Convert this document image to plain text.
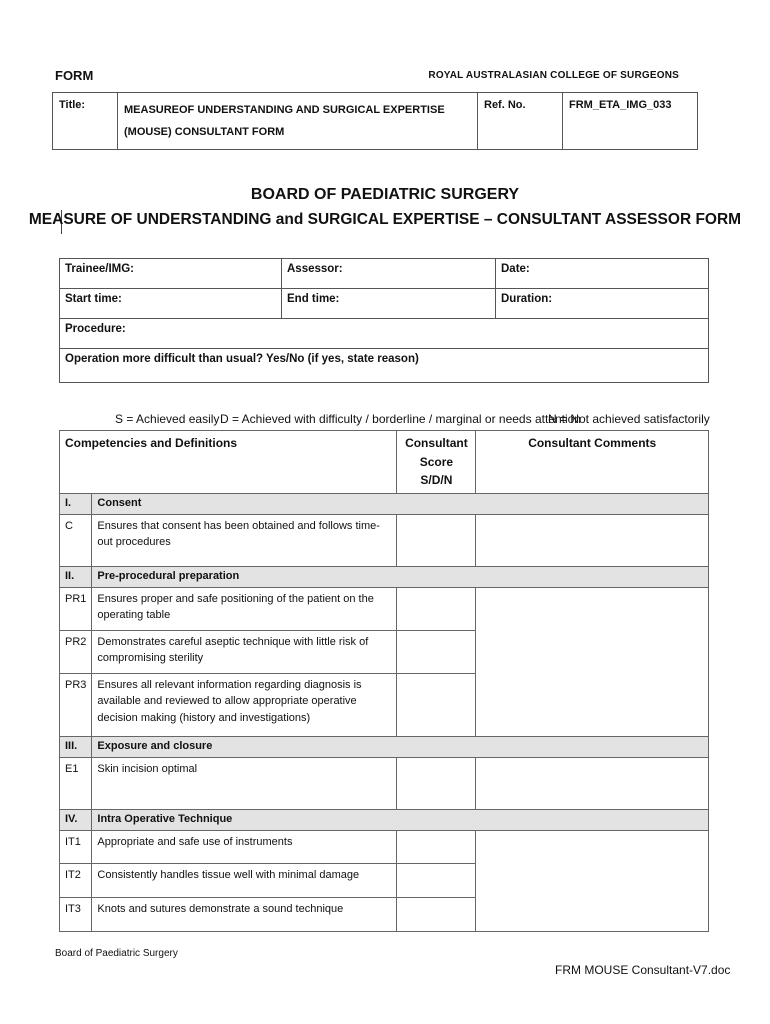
FORM	ROYAL AUSTRALASIAN COLLEGE OF SURGEONS
Title:	MEASUREOF UNDERSTANDING AND SURGICAL EXPERTISE (MOUSE) CONSULTANT FORM	Ref. No.	FRM_ETA_IMG_033
BOARD OF PAEDIATRIC SURGERY
MEASURE OF UNDERSTANDING and SURGICAL EXPERTISE – CONSULTANT ASSESSOR FORM
Trainee/IMG:	Assessor:	Date:
Start time:	End time:	Duration:
Procedure:		
Operation more difficult than usual? Yes/No (if yes, state reason)		
S = Achieved easily D = Achieved with difficulty / borderline / marginal or needs attention
N = Not achieved satisfactorily
Competencies and Definitions		Consultant Score S/D/N	Consultant Comments
I.	Consent		
C	Ensures that consent has been obtained and follows time-out procedures		
II.	Pre-procedural preparation		
PR1	Ensures proper and safe positioning of the patient on the operating table		
PR2	Demonstrates careful aseptic technique with little risk of compromising sterility		
PR3	Ensures all relevant information regarding diagnosis is available and reviewed to allow appropriate operative decision making (history and investigations)		
III.	Exposure and closure		
E1	Skin incision optimal		
IV.	Intra Operative Technique		
IT1	Appropriate and safe use of instruments		
IT2	Consistently handles tissue well with minimal damage		
IT3	Knots and sutures demonstrate a sound technique		
Board of Paediatric Surgery
FRM MOUSE Consultant-V7.doc
